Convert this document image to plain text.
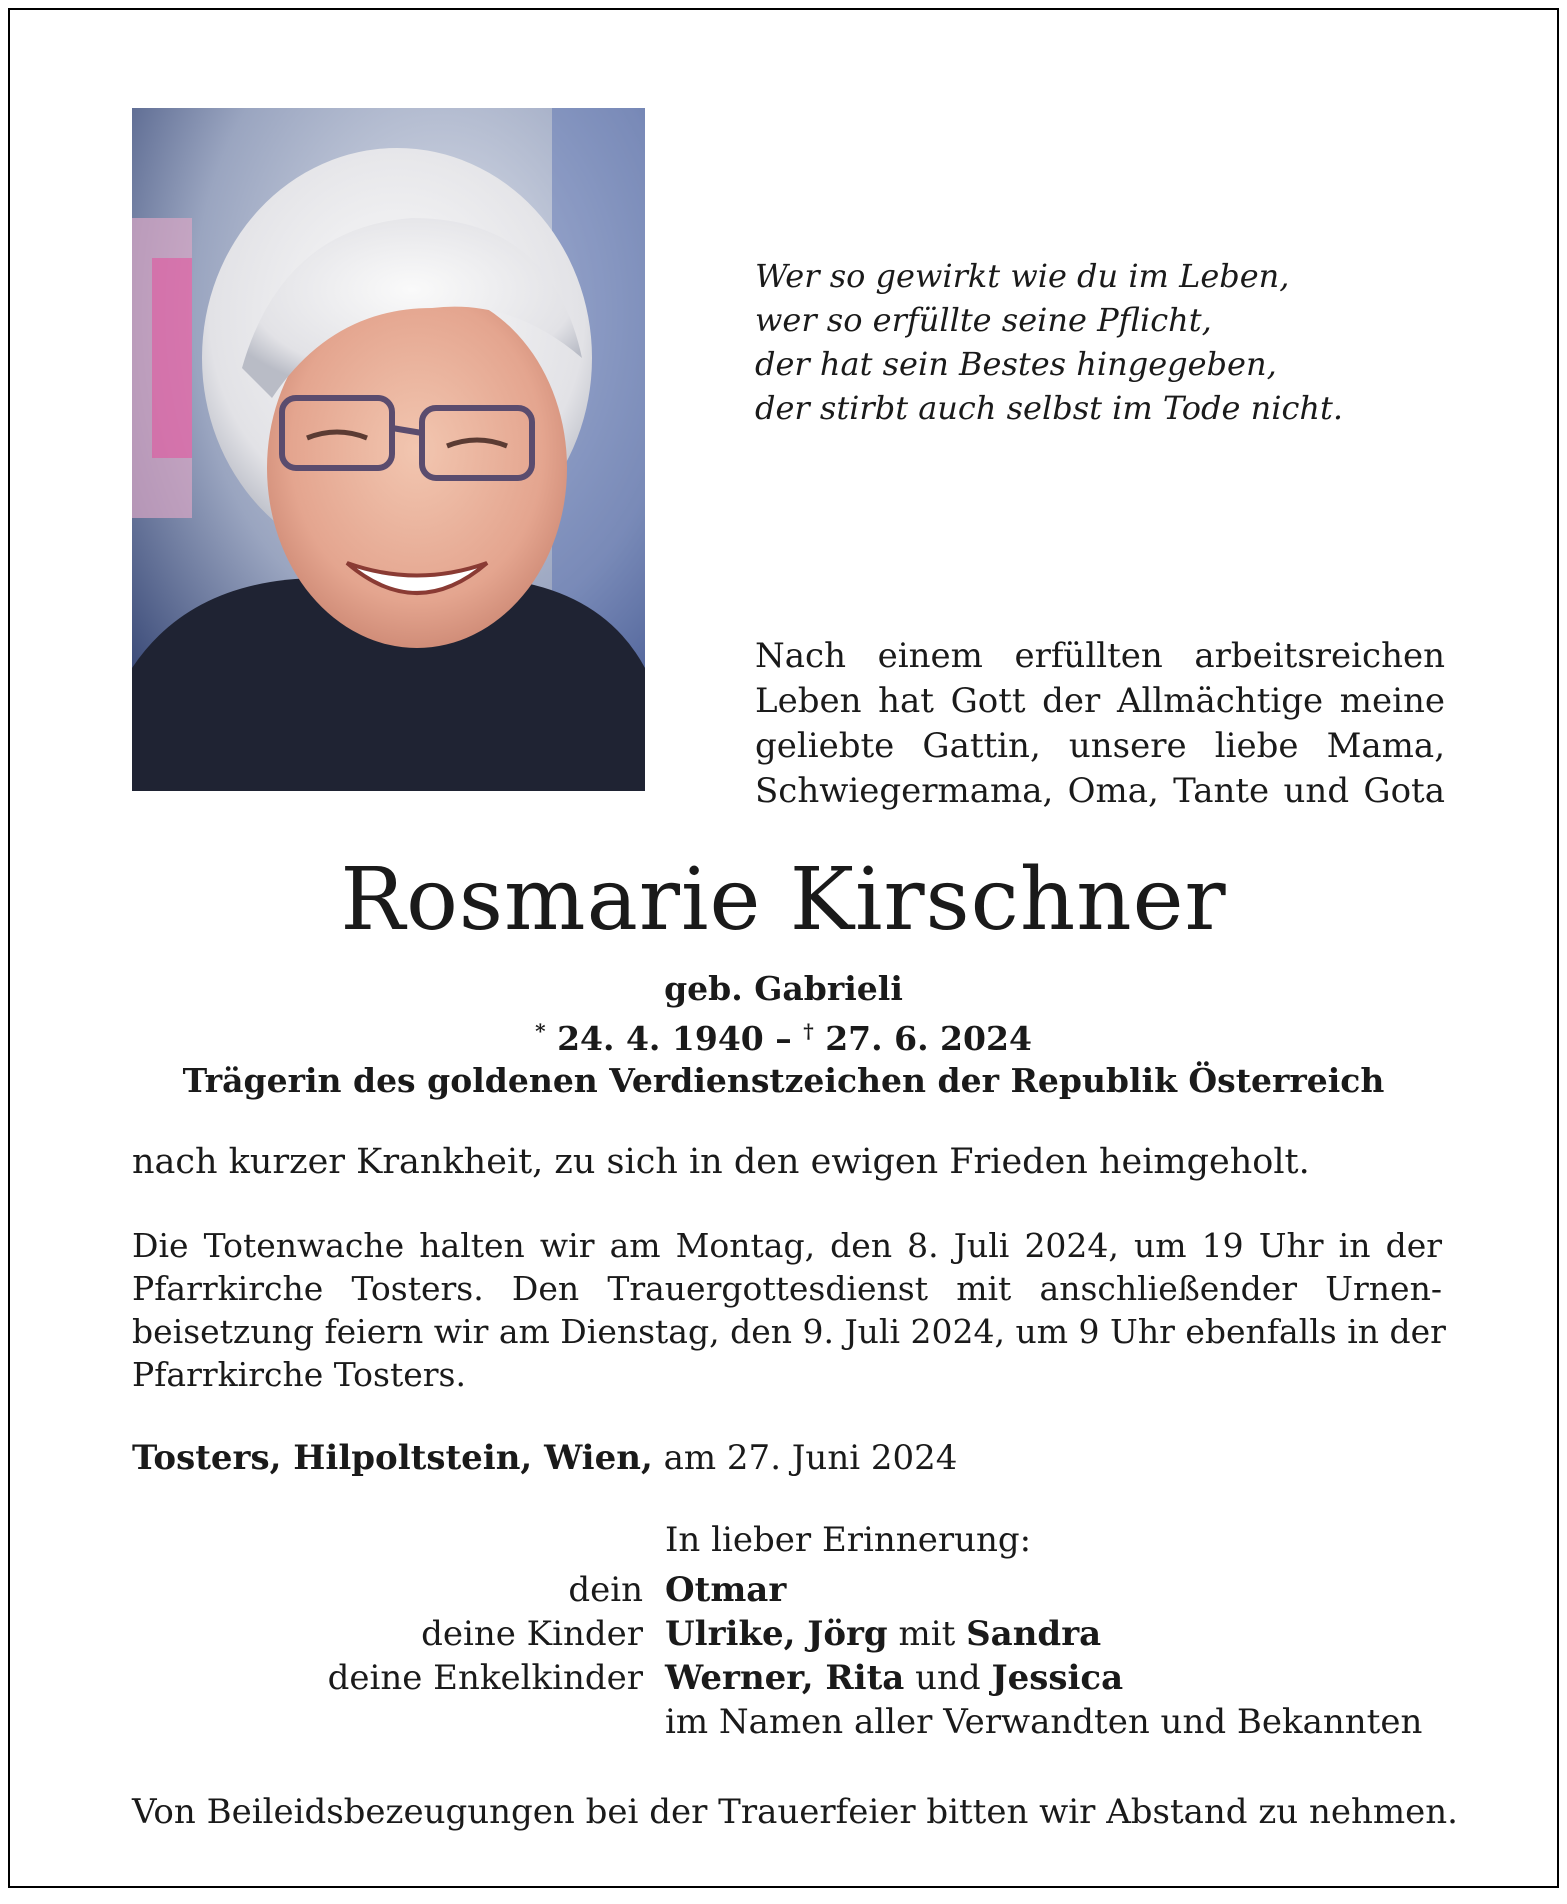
Wer so gewirkt wie du im Leben,
wer so erfüllte seine Pflicht,
der hat sein Bestes hingegeben,
der stirbt auch selbst im Tode nicht.
Nach einem erfüllten arbeitsreichen
Leben hat Gott der Allmächtige meine
geliebte Gattin, unsere liebe Mama,
Schwiegermama, Oma, Tante und Gota
Rosmarie Kirschner
geb. Gabrieli
* 24. 4. 1940 – † 27. 6. 2024
Trägerin des goldenen Verdienstzeichen der Republik Österreich
nach kurzer Krankheit, zu sich in den ewigen Frieden heimgeholt.
Die Totenwache halten wir am Montag, den 8. Juli 2024, um 19 Uhr in der
Pfarrkirche Tosters. Den Trauergottesdienst mit anschließender Urnen-
beisetzung feiern wir am Dienstag, den 9. Juli 2024, um 9 Uhr ebenfalls in der
Pfarrkirche Tosters.
Tosters, Hilpoltstein, Wien, am 27. Juni 2024
In lieber Erinnerung:
dein Otmar
deine Kinder Ulrike, Jörg mit Sandra
deine Enkelkinder Werner, Rita und Jessica
im Namen aller Verwandten und Bekannten
Von Beileidsbezeugungen bei der Trauerfeier bitten wir Abstand zu nehmen.
